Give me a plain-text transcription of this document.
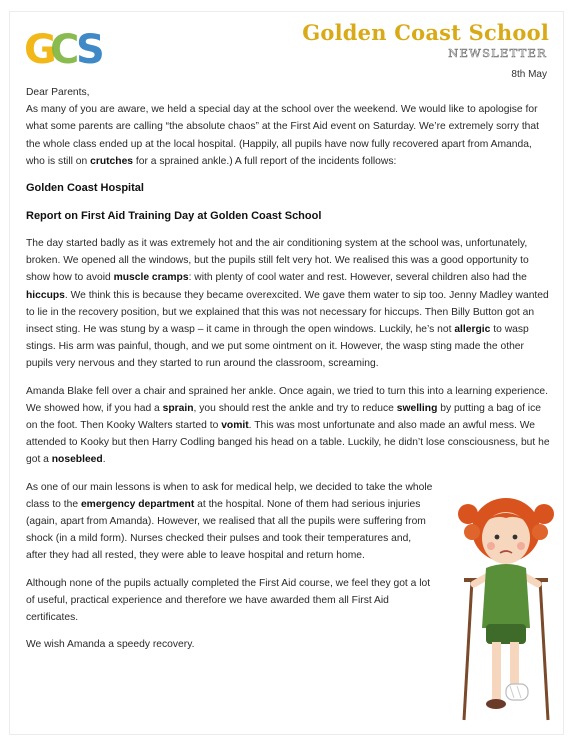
G
C
S	Golden Coast School
NEWSLETTER
8th May

Dear Parents,

As many of you are aware, we held a special day at the school over the weekend. We would like to apologise for what some parents are calling “the absolute chaos” at the First Aid event on Saturday. We’re extremely sorry that the whole class ended up at the local hospital. (Happily, all pupils have now fully recovered apart from Amanda, who is still on crutches for a sprained ankle.) A full report of the incidents follows:

Golden Coast Hospital

Report on First Aid Training Day at Golden Coast School

The day started badly as it was extremely hot and the air conditioning system at the school was, unfortunately, broken. We opened all the windows, but the pupils still felt very hot. We realised this was a good opportunity to show how to avoid muscle cramps: with plenty of cool water and rest. However, several children also had the hiccups. We think this is because they became overexcited. We gave them water to sip too. Jenny Madley wanted to lie in the recovery position, but we explained that this was not necessary for hiccups. Then Billy Button got an insect sting. He was stung by a wasp – it came in through the open windows. Luckily, he’s not allergic to wasp stings. His arm was painful, though, and we put some ointment on it. However, the wasp sting made the other pupils very nervous and they started to run around the classroom, screaming.

Amanda Blake fell over a chair and sprained her ankle. Once again, we tried to turn this into a learning experience. We showed how, if you had a sprain, you should rest the ankle and try to reduce swelling by putting a bag of ice on the foot. Then Kooky Walters started to vomit. This was most unfortunate and also made an awful mess. We attended to Kooky but then Harry Codling banged his head on a table. Luckily, he didn’t lose consciousness, but he got a nosebleed.

As one of our main lessons is when to ask for medical help, we decided to take the whole class to the emergency department at the hospital. None of them had serious injuries (again, apart from Amanda). However, we realised that all the pupils were suffering from shock (in a mild form). Nurses checked their pulses and took their temperatures and, after they had all rested, they were able to leave hospital and return home.

Although none of the pupils actually completed the First Aid course, we feel they got a lot of useful, practical experience and therefore we have awarded them all First Aid certificates.

We wish Amanda a speedy recovery.
